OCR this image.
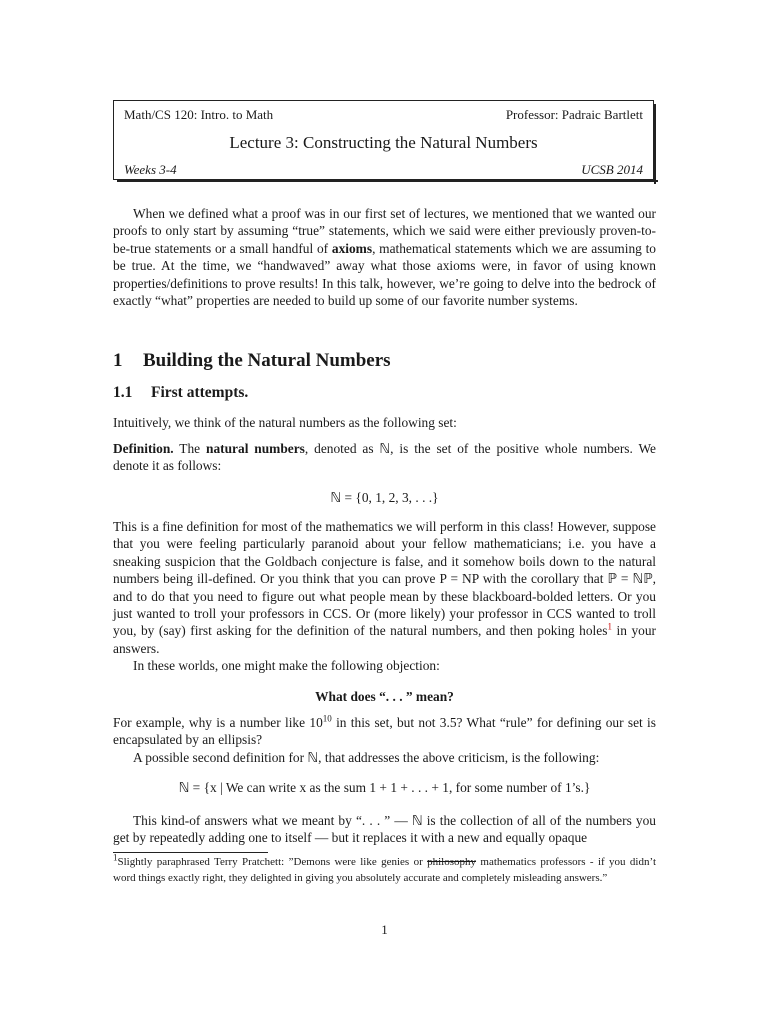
Math/CS 120: Intro. to Math	Professor: Padraic Bartlett
Lecture 3: Constructing the Natural Numbers
Weeks 3-4	UCSB 2014

When we defined what a proof was in our first set of lectures, we mentioned that we wanted our proofs to only start by assuming “true” statements, which we said were either previously proven-to-be-true statements or a small handful of axioms, mathematical statements which we are assuming to be true. At the time, we “handwaved” away what those axioms were, in favor of using known properties/definitions to prove results! In this talk, however, we’re going to delve into the bedrock of exactly “what” properties are needed to build up some of our favorite number systems.

1 Building the Natural Numbers
1.1 First attempts.

Intuitively, we think of the natural numbers as the following set:

Definition. The natural numbers, denoted as ℕ, is the set of the positive whole numbers. We denote it as follows:

ℕ = {0, 1, 2, 3, . . .}

This is a fine definition for most of the mathematics we will perform in this class! However, suppose that you were feeling particularly paranoid about your fellow mathematicians; i.e. you have a sneaking suspicion that the Goldbach conjecture is false, and it somehow boils down to the natural numbers being ill-defined. Or you think that you can prove P = NP with the corollary that ℙ = ℕℙ, and to do that you need to figure out what people mean by these blackboard-bolded letters. Or you just wanted to troll your professors in CCS. Or (more likely) your professor in CCS wanted to troll you, by (say) first asking for the definition of the natural numbers, and then poking holes$^1$ in your answers.

In these worlds, one might make the following objection:

What does “. . . ” mean?

For example, why is a number like $10^{10}$ in this set, but not 3.5? What “rule” for defining our set is encapsulated by an ellipsis?

A possible second definition for ℕ, that addresses the above criticism, is the following:

ℕ = {x | We can write x as the sum 1 + 1 + . . . + 1, for some number of 1’s.}

This kind-of answers what we meant by “. . . ” — ℕ is the collection of all of the numbers you get by repeatedly adding one to itself — but it replaces it with a new and equally opaque

$^1$Slightly paraphrased Terry Pratchett: ”Demons were like genies or philosophy mathematics professors - if you didn’t word things exactly right, they delighted in giving you absolutely accurate and completely misleading answers.”
1
